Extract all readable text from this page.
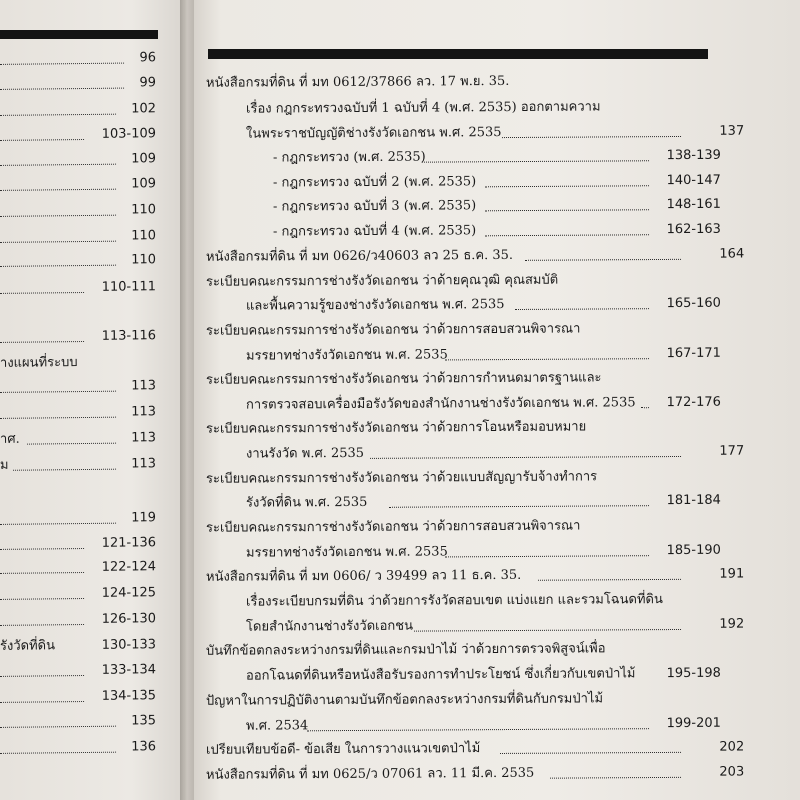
96
99
102
103-109
109
109
110
110
110
110-111
113-116
างแผนที่ระบบ
113
113
าศ.	113
ม	113
119
121-136
122-124
124-125
126-130
รังวัดที่ดิน	130-133
133-134
134-135
135
136
หนังสือกรมที่ดิน ที่ มท 0612/37866 ลว. 17 พ.ย. 35.
เรื่อง กฎกระทรวงฉบับที่ 1 ฉบับที่ 4 (พ.ศ. 2535) ออกตามความ
ในพระราชบัญญัติช่างรังวัดเอกชน พ.ศ. 2535	137
- กฎกระทรวง (พ.ศ. 2535)	138-139
- กฎกระทรวง ฉบับที่ 2 (พ.ศ. 2535)	140-147
- กฎกระทรวง ฉบับที่ 3 (พ.ศ. 2535)	148-161
- กฎกระทรวง ฉบับที่ 4 (พ.ศ. 2535)	162-163
หนังสือกรมที่ดิน ที่ มท 0626/ว40603 ลว 25 ธ.ค. 35.	164
ระเบียบคณะกรรมการช่างรังวัดเอกชน ว่าด้ายคุณวุฒิ คุณสมบัติ
และพื้นความรู้ของช่างรังวัดเอกชน พ.ศ. 2535	165-160
ระเบียบคณะกรรมการช่างรังวัดเอกชน ว่าด้วยการสอบสวนพิจารณา
มรรยาทช่างรังวัดเอกชน พ.ศ. 2535	167-171
ระเบียบคณะกรรมการช่างรังวัดเอกชน ว่าด้วยการกำหนดมาตรฐานและ
การตรวจสอบเครื่องมือรังวัดของสำนักงานช่างรังวัดเอกชน พ.ศ. 2535 172-176
ระเบียบคณะกรรมการช่างรังวัดเอกชน ว่าด้วยการโอนหรือมอบหมาย
งานรังวัด พ.ศ. 2535	177
ระเบียบคณะกรรมการช่างรังวัดเอกชน ว่าด้วยแบบสัญญารับจ้างทำการ
รังวัดที่ดิน พ.ศ. 2535	181-184
ระเบียบคณะกรรมการช่างรังวัดเอกชน ว่าด้วยการสอบสวนพิจารณา
มรรยาทช่างรังวัดเอกชน พ.ศ. 2535	185-190
หนังสือกรมที่ดิน ที่ มท 0606/ ว 39499 ลว 11 ธ.ค. 35.	191
เรื่องระเบียบกรมที่ดิน ว่าด้วยการรังวัดสอบเขต แบ่งแยก และรวมโฉนดที่ดิน
โดยสำนักงานช่างรังวัดเอกชน	192
บันทึกข้อตกลงระหว่างกรมที่ดินและกรมป่าไม้ ว่าด้วยการตรวจพิสูจน์เพื่อ
ออกโฉนดที่ดินหรือหนังสือรับรองการทำประโยชน์ ซึ่งเกี่ยวกับเขตป่าไม้ 195-198
ปัญหาในการปฏิบัติงานตามบันทึกข้อตกลงระหว่างกรมที่ดินกับกรมป่าไม้
พ.ศ. 2534	199-201
เปรียบเทียบข้อดี- ข้อเสีย ในการวางแนวเขตป่าไม้	202
หนังสือกรมที่ดิน ที่ มท 0625/ว 07061 ลว. 11 มี.ค. 2535	203
